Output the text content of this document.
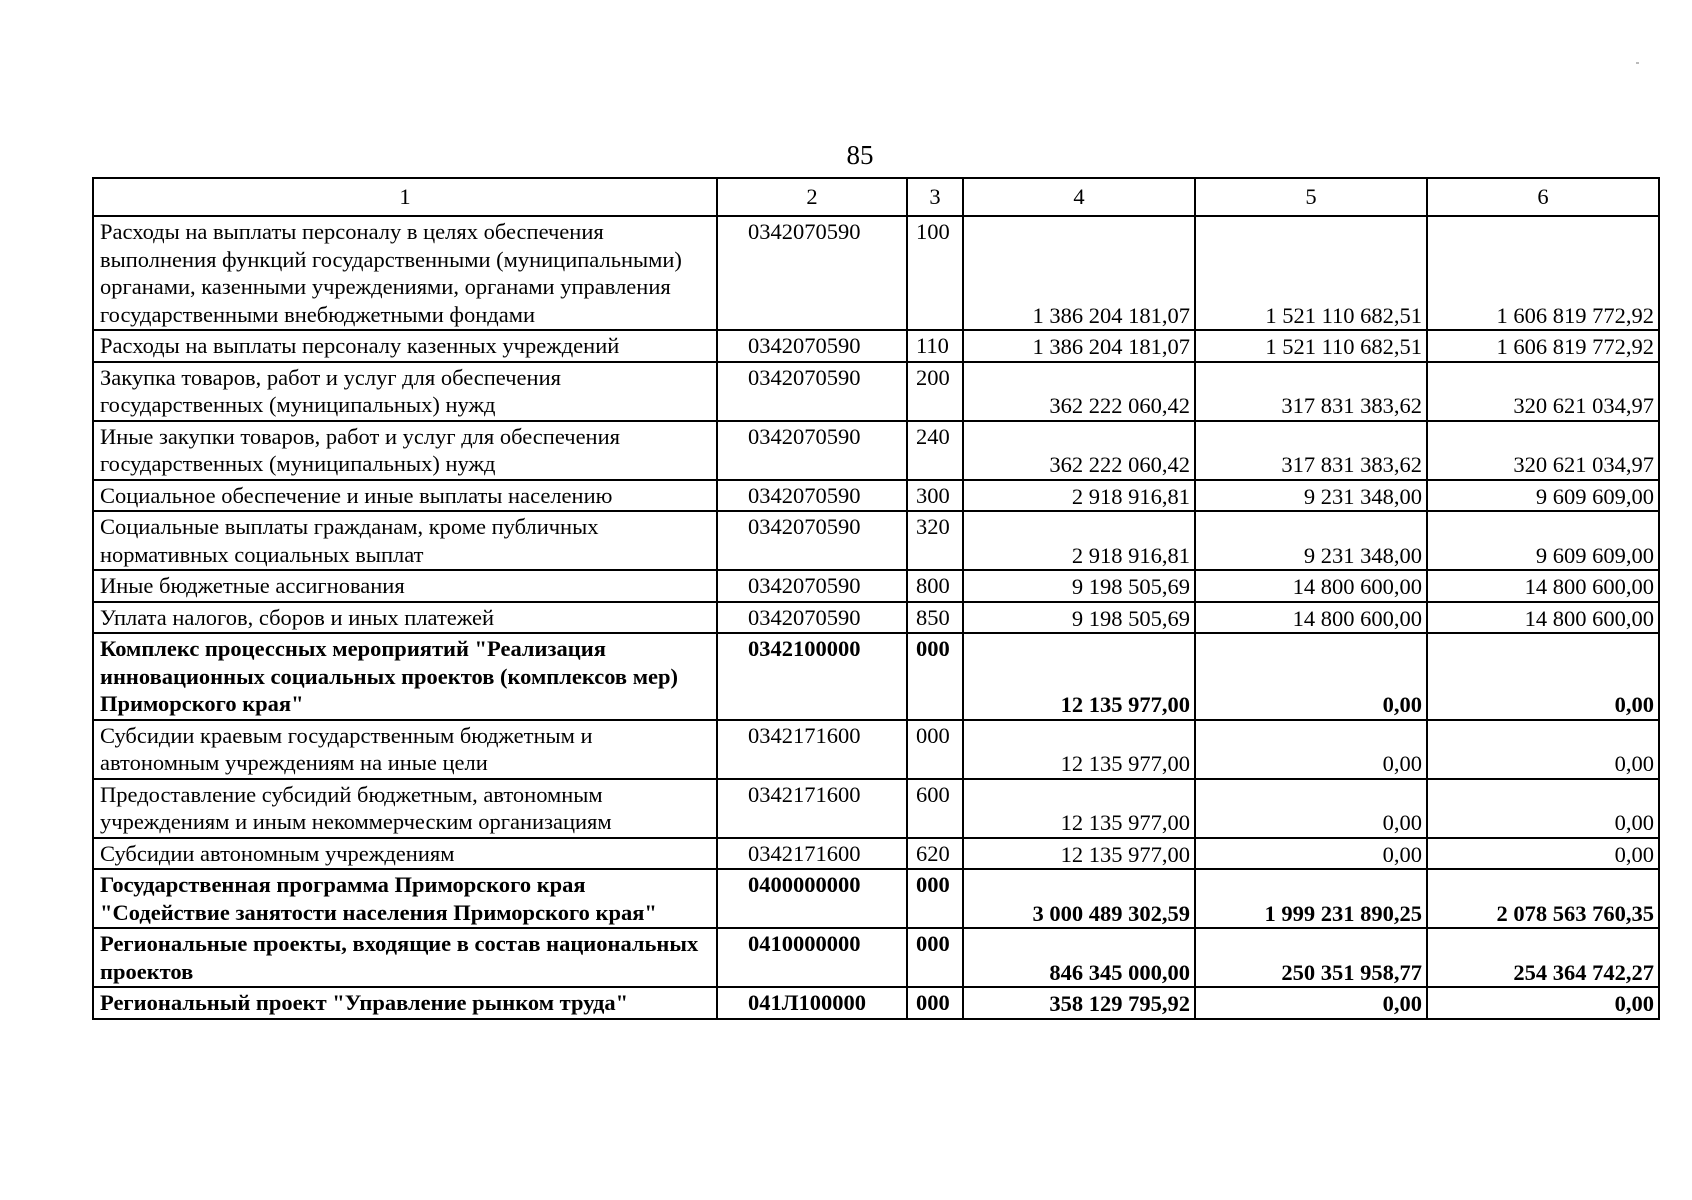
85
1	2	3	4	5	6
Расходы на выплаты персоналу в целях обеспечения выполнения функций государственными (муниципальными) органами, казенными учреждениями, органами управления государственными внебюджетными фондами	0342070590	100	1 386 204 181,07	1 521 110 682,51	1 606 819 772,92
Расходы на выплаты персоналу казенных учреждений	0342070590	110	1 386 204 181,07	1 521 110 682,51	1 606 819 772,92
Закупка товаров, работ и услуг для обеспечения государственных (муниципальных) нужд	0342070590	200	362 222 060,42	317 831 383,62	320 621 034,97
Иные закупки товаров, работ и услуг для обеспечения государственных (муниципальных) нужд	0342070590	240	362 222 060,42	317 831 383,62	320 621 034,97
Социальное обеспечение и иные выплаты населению	0342070590	300	2 918 916,81	9 231 348,00	9 609 609,00
Социальные выплаты гражданам, кроме публичных нормативных социальных выплат	0342070590	320	2 918 916,81	9 231 348,00	9 609 609,00
Иные бюджетные ассигнования	0342070590	800	9 198 505,69	14 800 600,00	14 800 600,00
Уплата налогов, сборов и иных платежей	0342070590	850	9 198 505,69	14 800 600,00	14 800 600,00
Комплекс процессных мероприятий "Реализация инновационных социальных проектов (комплексов мер) Приморского края"	0342100000	000	12 135 977,00	0,00	0,00
Субсидии краевым государственным бюджетным и автономным учреждениям на иные цели	0342171600	000	12 135 977,00	0,00	0,00
Предоставление субсидий бюджетным, автономным учреждениям и иным некоммерческим организациям	0342171600	600	12 135 977,00	0,00	0,00
Субсидии автономным учреждениям	0342171600	620	12 135 977,00	0,00	0,00
Государственная программа Приморского края "Содействие занятости населения Приморского края"	0400000000	000	3 000 489 302,59	1 999 231 890,25	2 078 563 760,35
Региональные проекты, входящие в состав национальных проектов	0410000000	000	846 345 000,00	250 351 958,77	254 364 742,27
Региональный проект "Управление рынком труда"	041Л100000	000	358 129 795,92	0,00	0,00
